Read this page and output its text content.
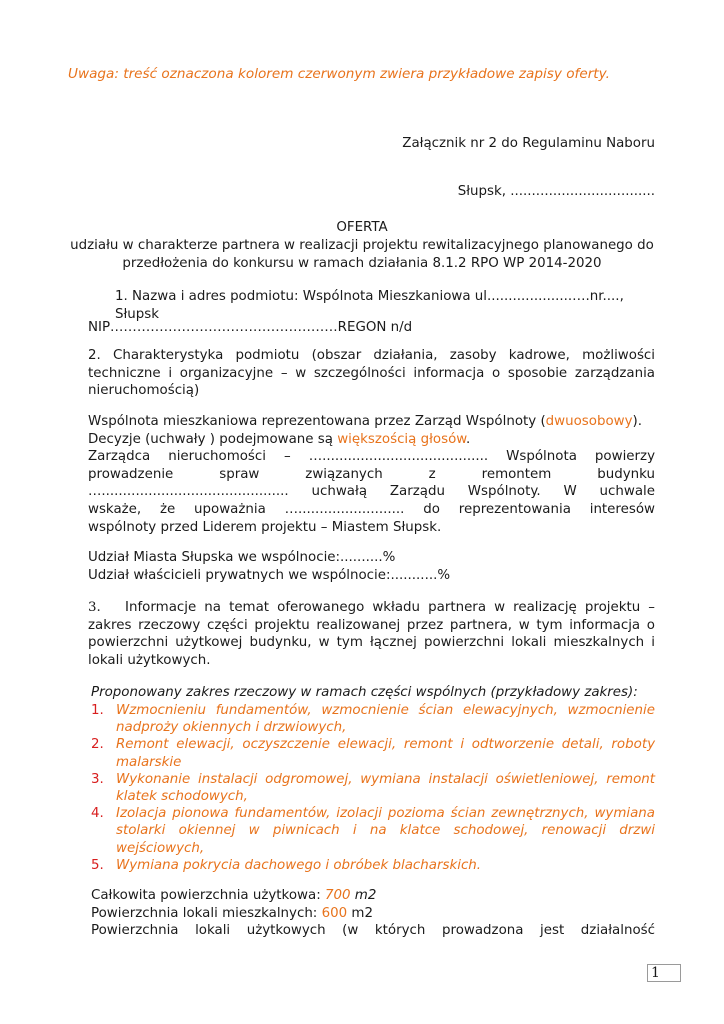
Uwaga: treść oznaczona kolorem czerwonym zwiera przykładowe zapisy oferty.

Załącznik nr 2 do Regulaminu Naboru

Słupsk, ..................................

OFERTA
udziału w charakterze partnera w realizacji projektu rewitalizacyjnego planowanego do
przedłożenia do konkursu w ramach działania 8.1.2 RPO WP 2014-2020
1. Nazwa i adres podmiotu: Wspólnota Mieszkaniowa ul....................….nr....,
Słupsk

NIP……………………………………………REGON n/d

2. Charakterystyka podmiotu (obszar działania, zasoby kadrowe, możliwości techniczne i organizacyjne – w szczególności informacja o sposobie zarządzania nieruchomością)

Wspólnota mieszkaniowa reprezentowana przez Zarząd Wspólnoty (dwuosobowy).
Decyzje (uchwały ) podejmowane są większością głosów.
Zarządca nieruchomości – …....................................... Wspólnota powierzy
prowadzenie spraw związanych z remontem budynku
…............................................ uchwałą Zarządu Wspólnoty. W uchwale
wskaże, że upoważnia …......................... do reprezentowania interesów
wspólnoty przed Liderem projektu – Miastem Słupsk.
Udział Miasta Słupska we wspólnocie:..........%
Udział właścicieli prywatnych we wspólnocie:...........%

3. Informacje na temat oferowanego wkładu partnera w realizację projektu – zakres rzeczowy części projektu realizowanej przez partnera, w tym informacja o powierzchni użytkowej budynku, w tym łącznej powierzchni lokali mieszkalnych i lokali użytkowych.

Proponowany zakres rzeczowy w ramach części wspólnych (przykładowy zakres):

1. Wzmocnieniu fundamentów, wzmocnienie ścian elewacyjnych, wzmocnienie nadproży okiennych i drzwiowych,
2. Remont elewacji, oczyszczenie elewacji, remont i odtworzenie detali, roboty malarskie
3. Wykonanie instalacji odgromowej, wymiana instalacji oświetleniowej, remont klatek schodowych,
4. Izolacja pionowa fundamentów, izolacji pozioma ścian zewnętrznych, wymiana stolarki okiennej w piwnicach i na klatce schodowej, renowacji drzwi wejściowych,
5. Wymiana pokrycia dachowego i obróbek blacharskich.
Całkowita powierzchnia użytkowa: 700 m2
Powierzchnia lokali mieszkalnych: 600 m2
Powierzchnia lokali użytkowych (w których prowadzona jest działalność
1
